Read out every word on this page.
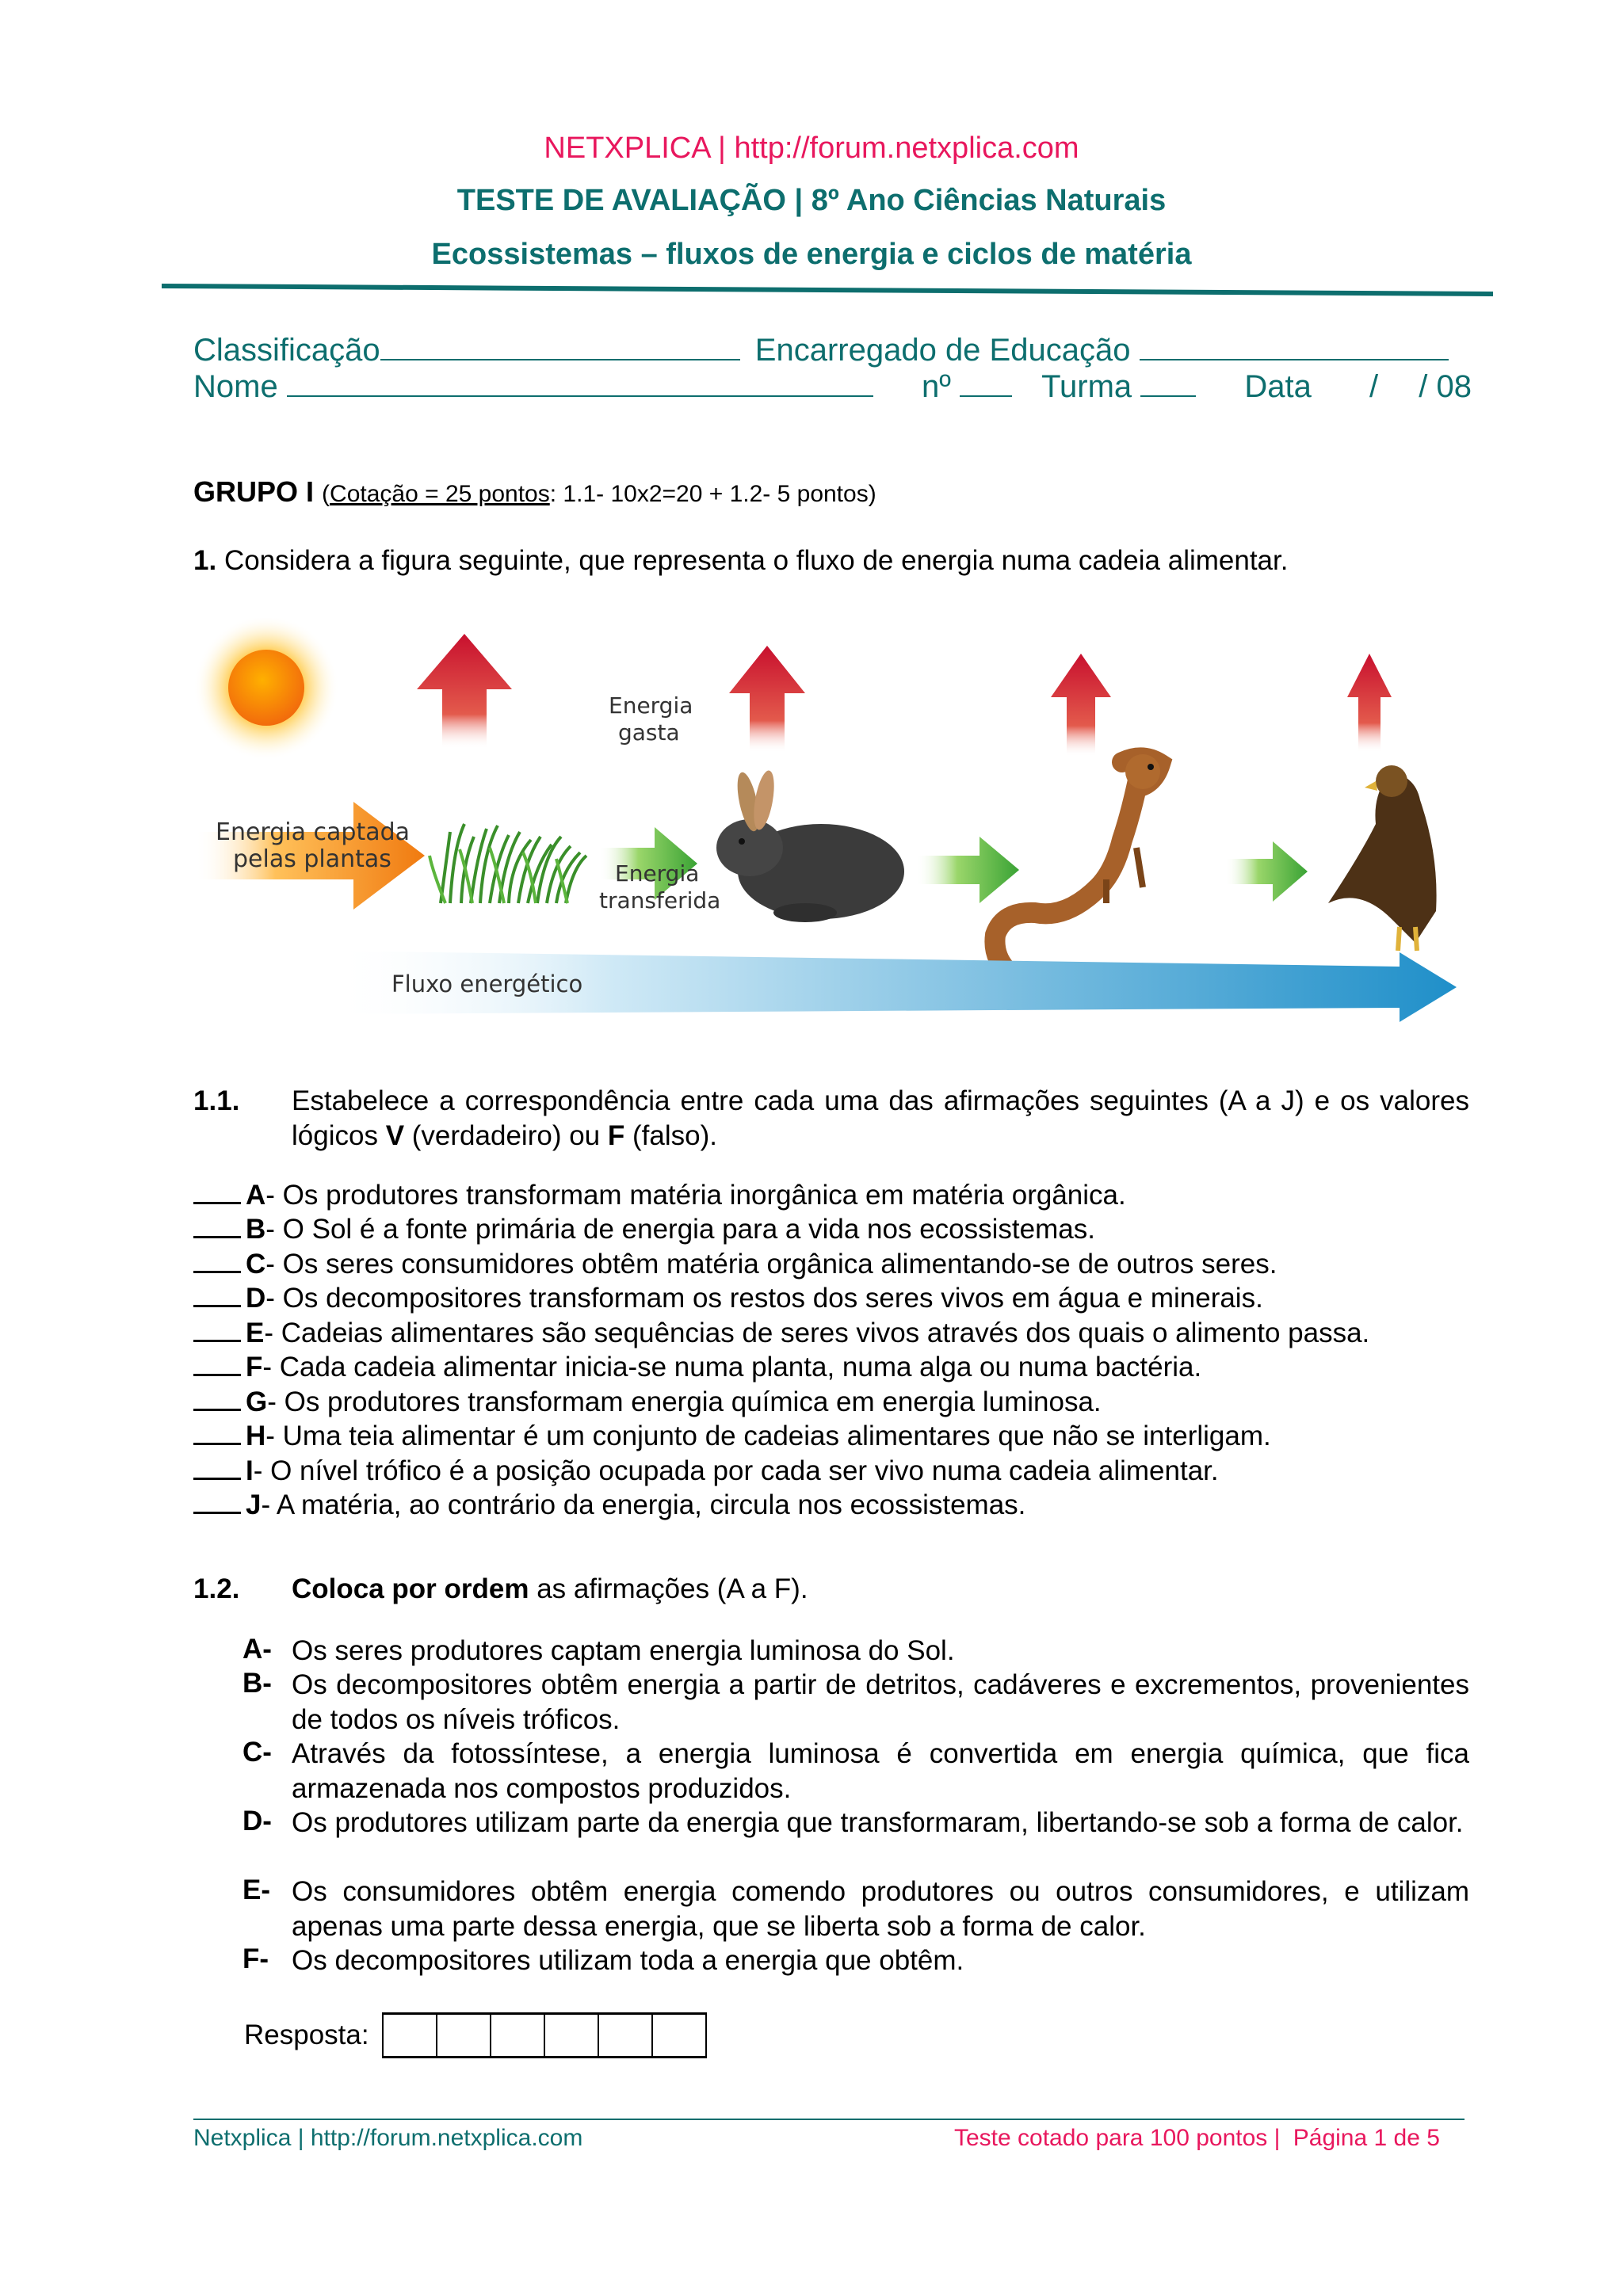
NETXPLICA | http://forum.netxplica.com
TESTE DE AVALIAÇÃO | 8º Ano Ciências Naturais
Ecossistemas – fluxos de energia e ciclos de matéria
Classificação	Encarregado de Educação
Nome	nº	Turma	Data / / 08
GRUPO I (Cotação = 25 pontos: 1.1- 10x2=20 + 1.2- 5 pontos)
1. Considera a figura seguinte, que representa o fluxo de energia numa cadeia alimentar.
Energia captada
pelas plantas
Energia
gasta
Energia
transferida
Fluxo energético
1.1. Estabelece a correspondência entre cada uma das afirmações seguintes (A a J) e os valores lógicos V (verdadeiro) ou F (falso).
A- Os produtores transformam matéria inorgânica em matéria orgânica.
B- O Sol é a fonte primária de energia para a vida nos ecossistemas.
C- Os seres consumidores obtêm matéria orgânica alimentando-se de outros seres.
D- Os decompositores transformam os restos dos seres vivos em água e minerais.
E- Cadeias alimentares são sequências de seres vivos através dos quais o alimento passa.
F- Cada cadeia alimentar inicia-se numa planta, numa alga ou numa bactéria.
G- Os produtores transformam energia química em energia luminosa.
H- Uma teia alimentar é um conjunto de cadeias alimentares que não se interligam.
I- O nível trófico é a posição ocupada por cada ser vivo numa cadeia alimentar.
J- A matéria, ao contrário da energia, circula nos ecossistemas.
1.2. Coloca por ordem as afirmações (A a F).
A- Os seres produtores captam energia luminosa do Sol.
B- Os decompositores obtêm energia a partir de detritos, cadáveres e excrementos, provenientes de todos os níveis tróficos.
C- Através da fotossíntese, a energia luminosa é convertida em energia química, que fica armazenada nos compostos produzidos.
D- Os produtores utilizam parte da energia que transformaram, libertando-se sob a forma de calor.
E- Os consumidores obtêm energia comendo produtores ou outros consumidores, e utilizam apenas uma parte dessa energia, que se liberta sob a forma de calor.
F- Os decompositores utilizam toda a energia que obtêm.
Resposta:
Netxplica | http://forum.netxplica.com	Teste cotado para 100 pontos | Página 1 de 5
